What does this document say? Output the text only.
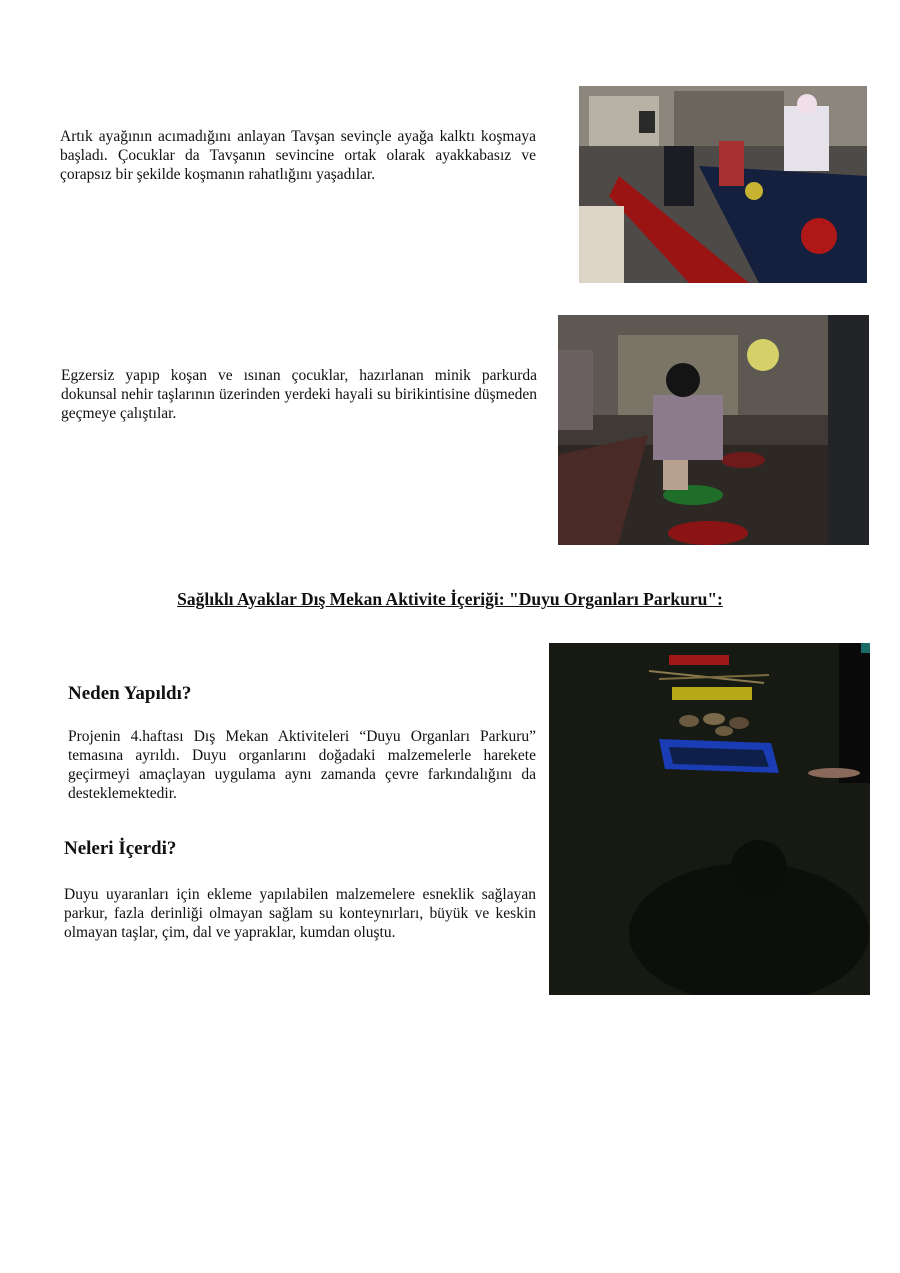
Artık ayağının acımadığını anlayan Tavşan sevinçle ayağa kalktı koşmaya başladı. Çocuklar da Tavşanın sevincine ortak olarak ayakkabasız ve çorapsız bir şekilde koşmanın rahatlığını yaşadılar.

Egzersiz yapıp koşan ve ısınan çocuklar, hazırlanan minik parkurda dokunsal nehir taşlarının üzerinden yerdeki hayali su birikintisine düşmeden geçmeye çalıştılar.

Sağlıklı Ayaklar Dış Mekan Aktivite İçeriği: "Duyu Organları Parkuru":

Neden Yapıldı?

Projenin 4.haftası Dış Mekan Aktiviteleri “Duyu Organları Parkuru” temasına ayrıldı. Duyu organlarını doğadaki malzemelerle harekete geçirmeyi amaçlayan uygulama aynı zamanda çevre farkındalığını da desteklemektedir.

Neleri İçerdi?

Duyu uyaranları için ekleme yapılabilen malzemelere esneklik sağlayan parkur, fazla derinliği olmayan sağlam su konteynırları, büyük ve keskin olmayan taşlar, çim, dal ve yapraklar, kumdan oluştu.
